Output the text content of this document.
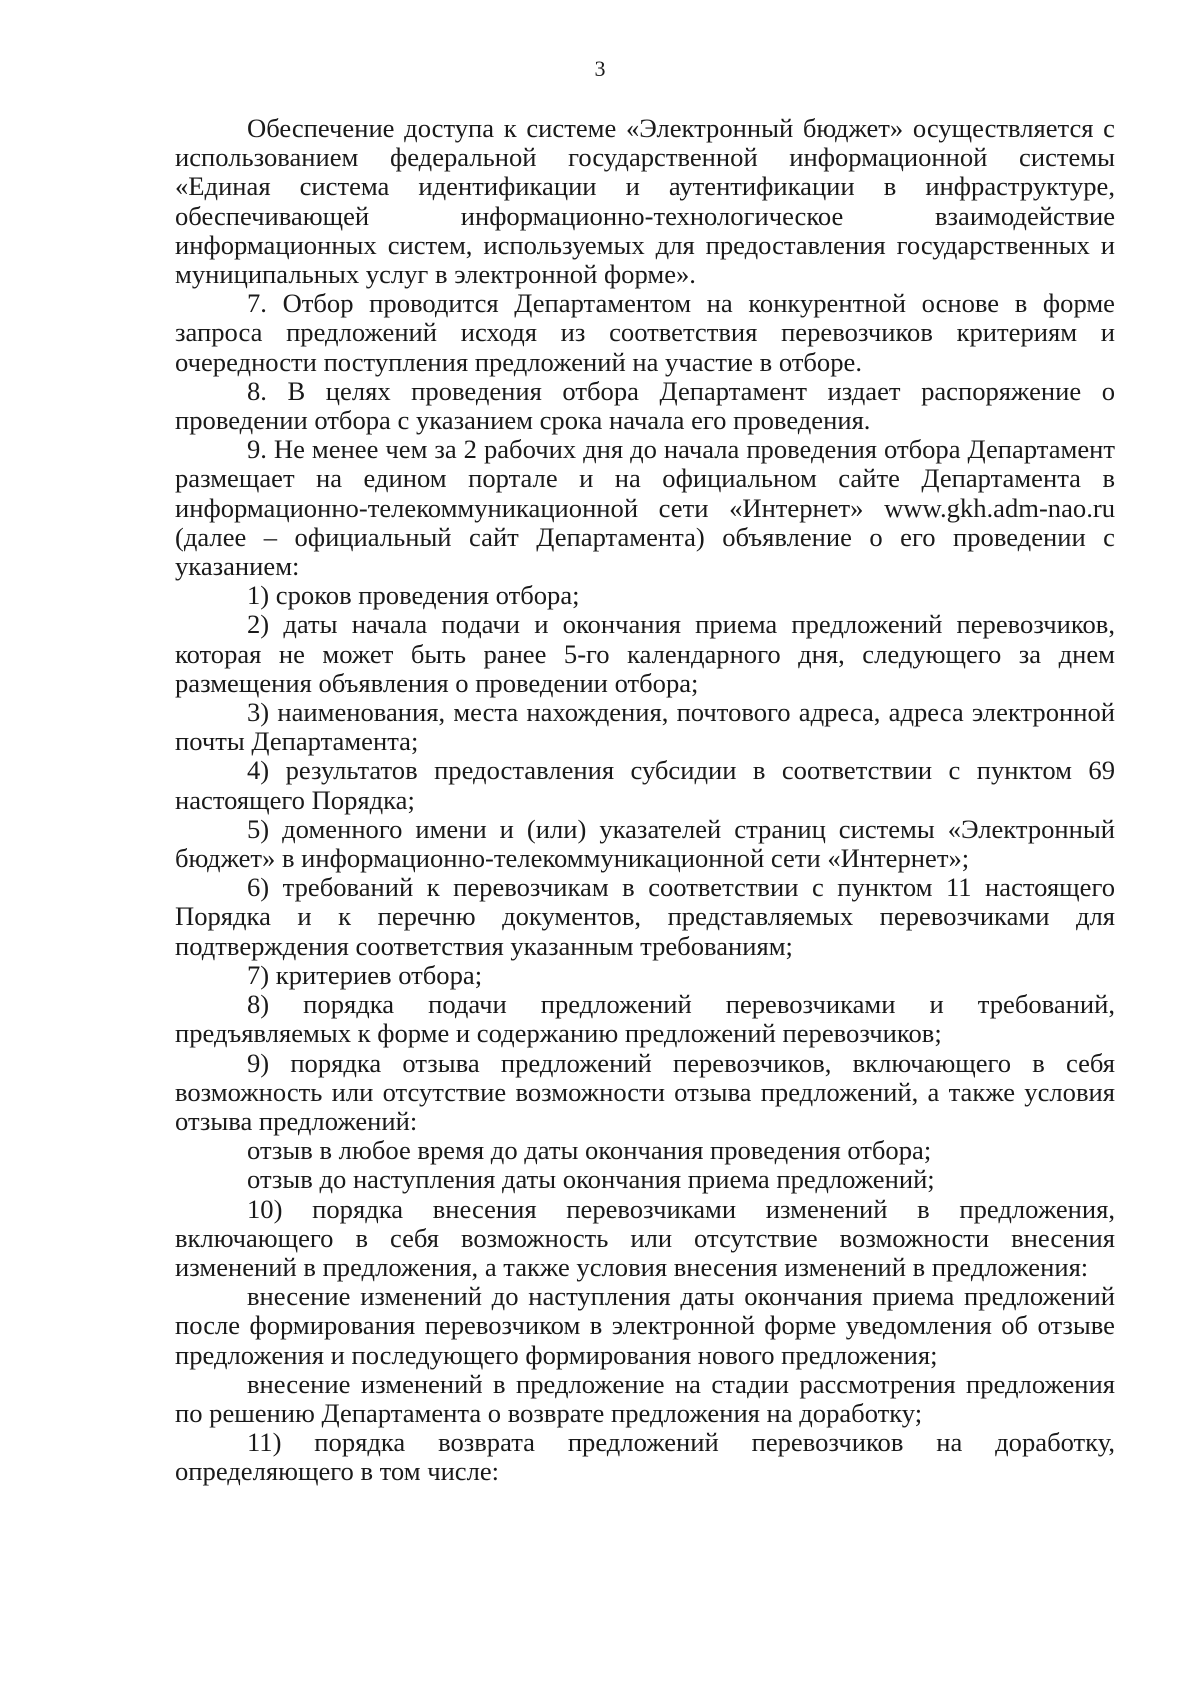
3

Обеспечение доступа к системе «Электронный бюджет» осуществляется с использованием федеральной государственной информационной системы «Единая система идентификации и аутентификации в инфраструктуре, обеспечивающей информационно-технологическое взаимодействие информационных систем, используемых для предоставления государственных и муниципальных услуг в электронной форме».

7. Отбор проводится Департаментом на конкурентной основе в форме запроса предложений исходя из соответствия перевозчиков критериям и очередности поступления предложений на участие в отборе.

8. В целях проведения отбора Департамент издает распоряжение о проведении отбора с указанием срока начала его проведения.

9. Не менее чем за 2 рабочих дня до начала проведения отбора Департамент размещает на едином портале и на официальном сайте Департамента в информационно-телекоммуникационной сети «Интернет» www.gkh.adm-nao.ru (далее – официальный сайт Департамента) объявление о его проведении с указанием:

1) сроков проведения отбора;

2) даты начала подачи и окончания приема предложений перевозчиков, которая не может быть ранее 5-го календарного дня, следующего за днем размещения объявления о проведении отбора;

3) наименования, места нахождения, почтового адреса, адреса электронной почты Департамента;

4) результатов предоставления субсидии в соответствии с пунктом 69 настоящего Порядка;

5) доменного имени и (или) указателей страниц системы «Электронный бюджет» в информационно-телекоммуникационной сети «Интернет»;

6) требований к перевозчикам в соответствии с пунктом 11 настоящего Порядка и к перечню документов, представляемых перевозчиками для подтверждения соответствия указанным требованиям;

7) критериев отбора;

8) порядка подачи предложений перевозчиками и требований, предъявляемых к форме и содержанию предложений перевозчиков;

9) порядка отзыва предложений перевозчиков, включающего в себя возможность или отсутствие возможности отзыва предложений, а также условия отзыва предложений:

отзыв в любое время до даты окончания проведения отбора;

отзыв до наступления даты окончания приема предложений;

10) порядка внесения перевозчиками изменений в предложения, включающего в себя возможность или отсутствие возможности внесения изменений в предложения, а также условия внесения изменений в предложения:

внесение изменений до наступления даты окончания приема предложений после формирования перевозчиком в электронной форме уведомления об отзыве предложения и последующего формирования нового предложения;

внесение изменений в предложение на стадии рассмотрения предложения по решению Департамента о возврате предложения на доработку;

11) порядка возврата предложений перевозчиков на доработку, определяющего в том числе:
